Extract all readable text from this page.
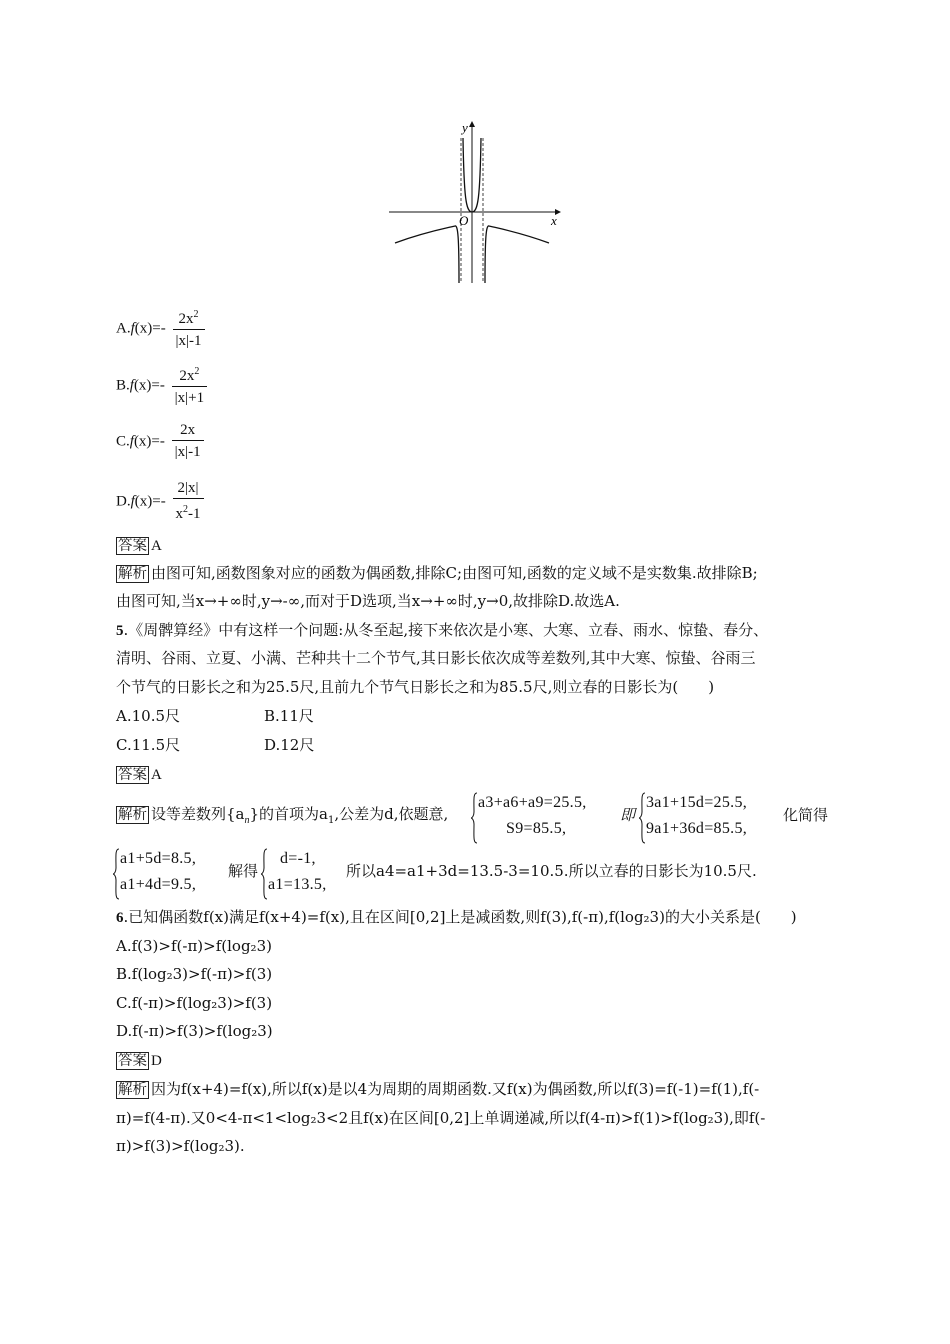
y
x
O
$A.f(x)=- \frac{2x^2}{|x|-1}$
$B.f(x)=- \frac{2x^2}{|x|+1}$
$C.f(x)=- \frac{2x}{|x|-1}$
$D.f(x)=- \frac{2|x|}{x^2-1}$
答案 A
解析 由图可知,函数图象对应的函数为偶函数,排除C;由图可知,函数的定义域不是实数集.故排除B;
由图可知,当x→+∞时,y→-∞,而对于D选项,当x→+∞时,y→0,故排除D.故选A.
5.《周髀算经》中有这样一个问题:从冬至起,接下来依次是小寒、大寒、立春、雨水、惊蛰、春分、
清明、谷雨、立夏、小满、芒种共十二个节气,其日影长依次成等差数列,其中大寒、惊蛰、谷雨三
个节气的日影长之和为25.5尺,且前九个节气日影长之和为85.5尺,则立春的日影长为(　　)
A.10.5尺	B.11尺
C.11.5尺	D.12尺
答案 A
解析 设等差数列$\{a_n\}$的首项为$a_1$,公差为d,依题意,
a3+a6+a9=25.5,
S9=85.5,
即
3a1+15d=25.5,
9a1+36d=85.5,
化简得
a1+5d=8.5,
a1+4d=9.5,
解得
d=-1,
a1=13.5,
所以a4=a1+3d=13.5-3=10.5.所以立春的日影长为10.5尺.
6.已知偶函数f(x)满足f(x+4)=f(x),且在区间[0,2]上是减函数,则f(3),f(-π),f(log₂3)的大小关系是(　　)
A.f(3)>f(-π)>f(log₂3)
B.f(log₂3)>f(-π)>f(3)
C.f(-π)>f(log₂3)>f(3)
D.f(-π)>f(3)>f(log₂3)
答案 D
解析 因为f(x+4)=f(x),所以f(x)是以4为周期的周期函数.又f(x)为偶函数,所以f(3)=f(-1)=f(1),f(-
π)=f(4-π).又0<4-π<1<log₂3<2且f(x)在区间[0,2]上单调递减,所以f(4-π)>f(1)>f(log₂3),即f(-
π)>f(3)>f(log₂3).
